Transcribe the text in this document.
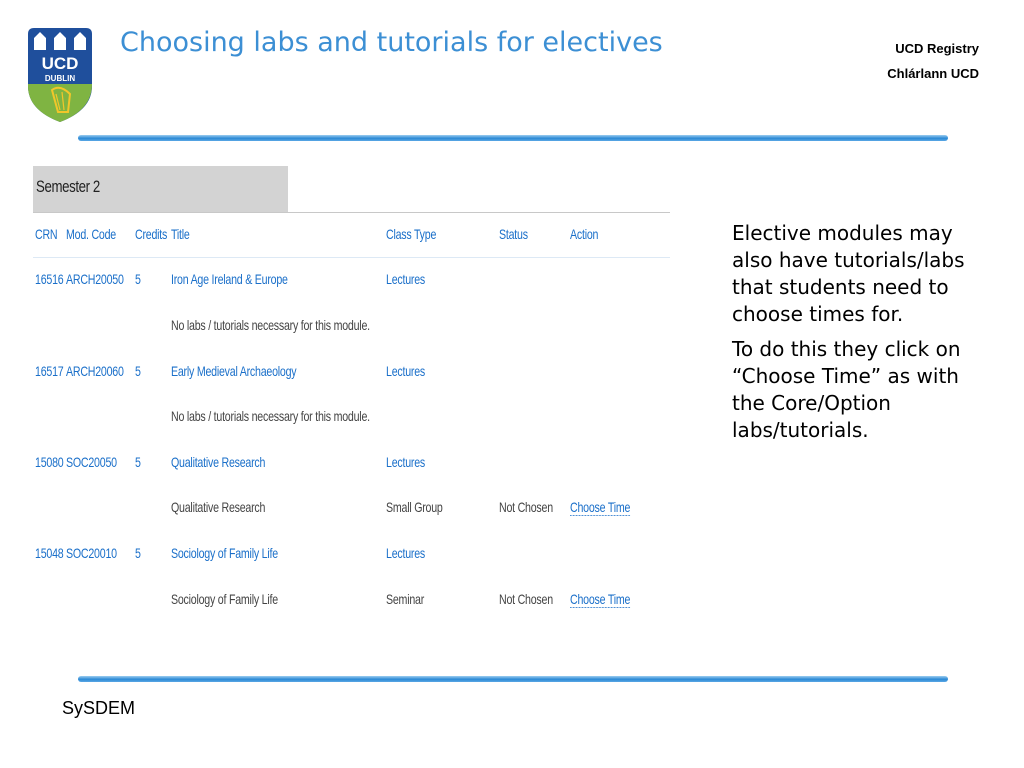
UCD
DUBLIN
Choosing labs and tutorials for electives	UCD Registry
Chlárlann UCD
Semester 2
CRN Mod. Code Credits Title	Class Type	Status	Action
16516 ARCH20050 5 Iron Age Ireland & Europe	Lectures
No labs / tutorials necessary for this module.
16517 ARCH20060 5 Early Medieval Archaeology	Lectures
No labs / tutorials necessary for this module.
15080 SOC20050 5 Qualitative Research	Lectures
Qualitative Research	Small Group	Not Chosen Choose Time
15048 SOC20010 5 Sociology of Family Life	Lectures
Sociology of Family Life	Seminar	Not Chosen Choose Time

Elective modules may also have tutorials/labs that students need to choose times for.

To do this they click on “Choose Time” as with the Core/Option labs/tutorials.

SySDEM
